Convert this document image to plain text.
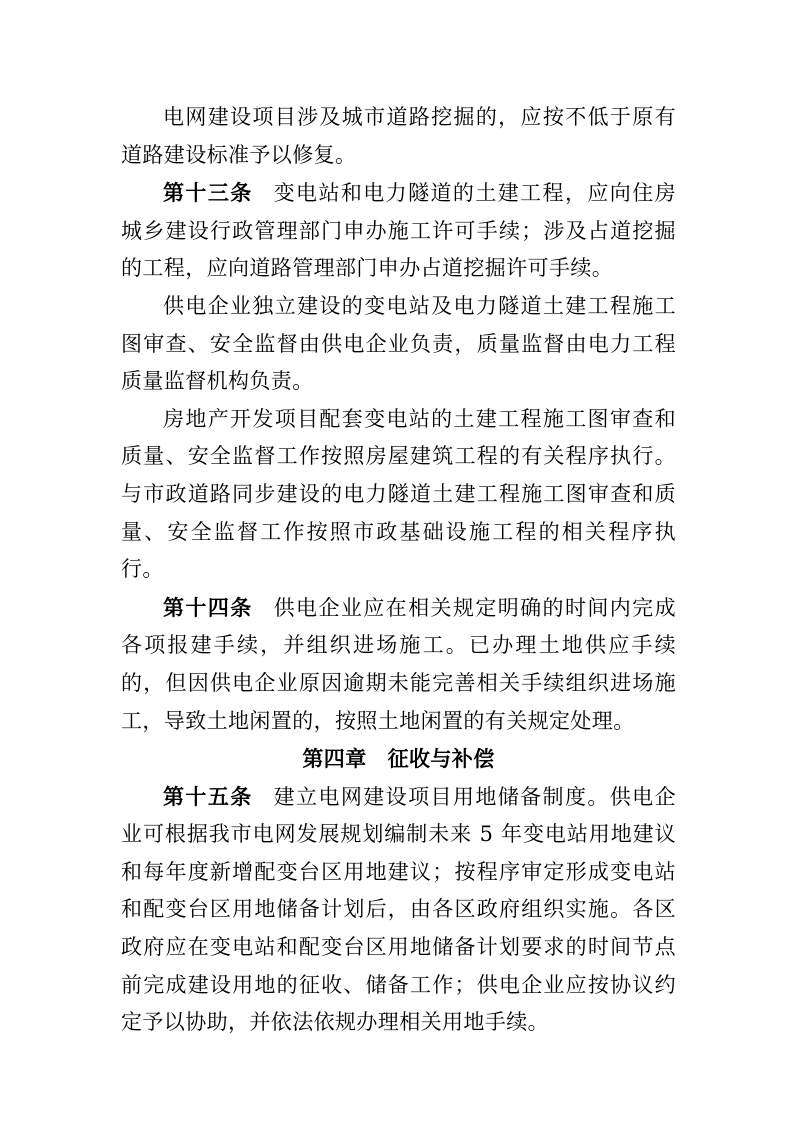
电网建设项目涉及城市道路挖掘的，应按不低于原有道路建设标准予以修复。

第十三条 变电站和电力隧道的土建工程，应向住房城乡建设行政管理部门申办施工许可手续；涉及占道挖掘的工程，应向道路管理部门申办占道挖掘许可手续。

供电企业独立建设的变电站及电力隧道土建工程施工图审查、安全监督由供电企业负责，质量监督由电力工程质量监督机构负责。

房地产开发项目配套变电站的土建工程施工图审查和质量、安全监督工作按照房屋建筑工程的有关程序执行。与市政道路同步建设的电力隧道土建工程施工图审查和质量、安全监督工作按照市政基础设施工程的相关程序执行。

第十四条 供电企业应在相关规定明确的时间内完成各项报建手续，并组织进场施工。已办理土地供应手续的，但因供电企业原因逾期未能完善相关手续组织进场施工，导致土地闲置的，按照土地闲置的有关规定处理。

第四章 征收与补偿

第十五条 建立电网建设项目用地储备制度。供电企业可根据我市电网发展规划编制未来 5 年变电站用地建议和每年度新增配变台区用地建议；按程序审定形成变电站和配变台区用地储备计划后，由各区政府组织实施。各区政府应在变电站和配变台区用地储备计划要求的时间节点前完成建设用地的征收、储备工作；供电企业应按协议约定予以协助，并依法依规办理相关用地手续。
